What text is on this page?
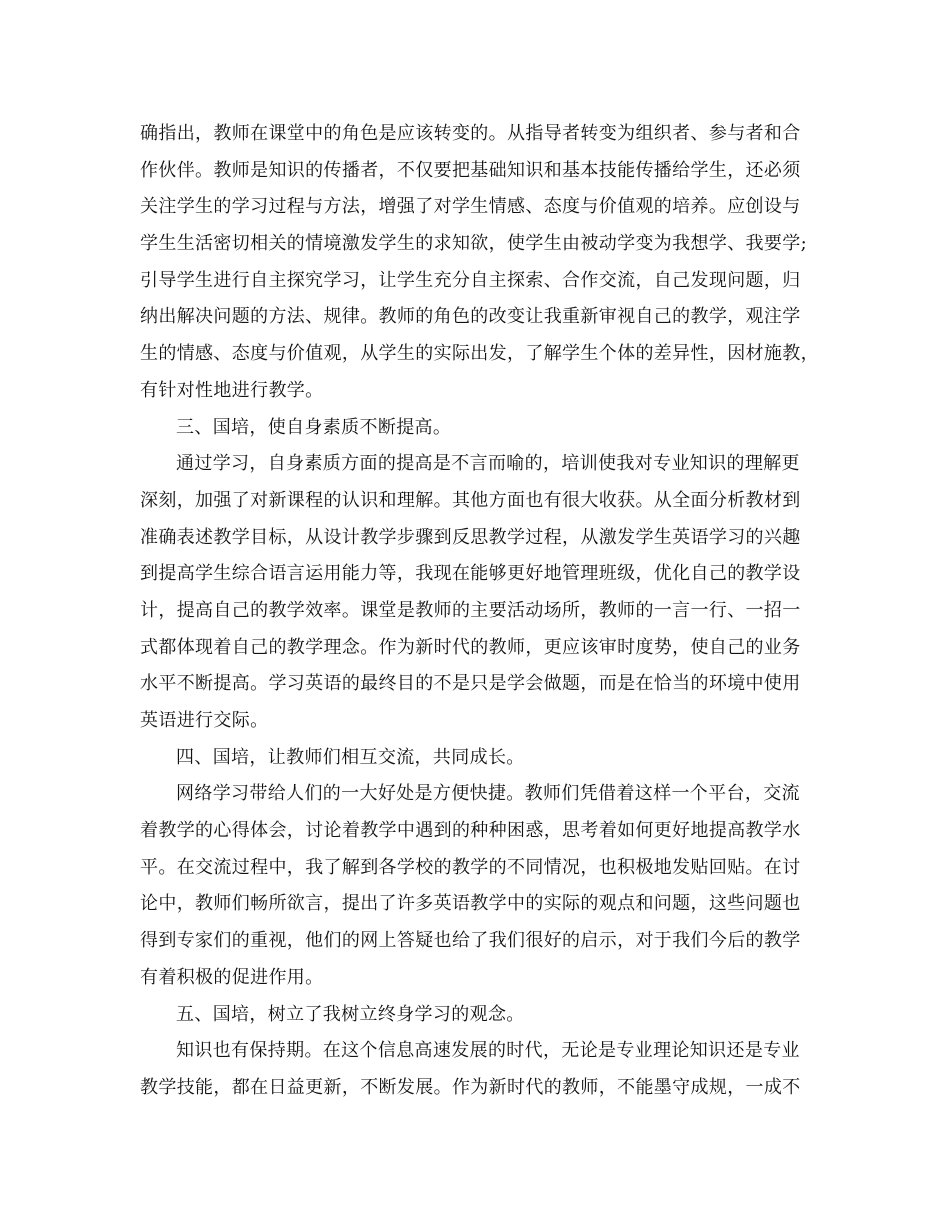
确指出，教师在课堂中的角色是应该转变的。从指导者转变为组织者、参与者和合
作伙伴。教师是知识的传播者，不仅要把基础知识和基本技能传播给学生，还必须
关注学生的学习过程与方法，增强了对学生情感、态度与价值观的培养。应创设与
学生生活密切相关的情境激发学生的求知欲，使学生由被动学变为我想学、我要学;
引导学生进行自主探究学习，让学生充分自主探索、合作交流，自己发现问题，归
纳出解决问题的方法、规律。教师的角色的改变让我重新审视自己的教学，观注学
生的情感、态度与价值观，从学生的实际出发，了解学生个体的差异性，因材施教，
有针对性地进行教学。
三、国培，使自身素质不断提高。
通过学习，自身素质方面的提高是不言而喻的，培训使我对专业知识的理解更
深刻，加强了对新课程的认识和理解。其他方面也有很大收获。从全面分析教材到
准确表述教学目标，从设计教学步骤到反思教学过程，从激发学生英语学习的兴趣
到提高学生综合语言运用能力等，我现在能够更好地管理班级，优化自己的教学设
计，提高自己的教学效率。课堂是教师的主要活动场所，教师的一言一行、一招一
式都体现着自己的教学理念。作为新时代的教师，更应该审时度势，使自己的业务
水平不断提高。学习英语的最终目的不是只是学会做题，而是在恰当的环境中使用
英语进行交际。
四、国培，让教师们相互交流，共同成长。
网络学习带给人们的一大好处是方便快捷。教师们凭借着这样一个平台，交流
着教学的心得体会，讨论着教学中遇到的种种困惑，思考着如何更好地提高教学水
平。在交流过程中，我了解到各学校的教学的不同情况，也积极地发贴回贴。在讨
论中，教师们畅所欲言，提出了许多英语教学中的实际的观点和问题，这些问题也
得到专家们的重视，他们的网上答疑也给了我们很好的启示，对于我们今后的教学
有着积极的促进作用。
五、国培，树立了我树立终身学习的观念。
知识也有保持期。在这个信息高速发展的时代，无论是专业理论知识还是专业
教学技能，都在日益更新，不断发展。作为新时代的教师，不能墨守成规，一成不
